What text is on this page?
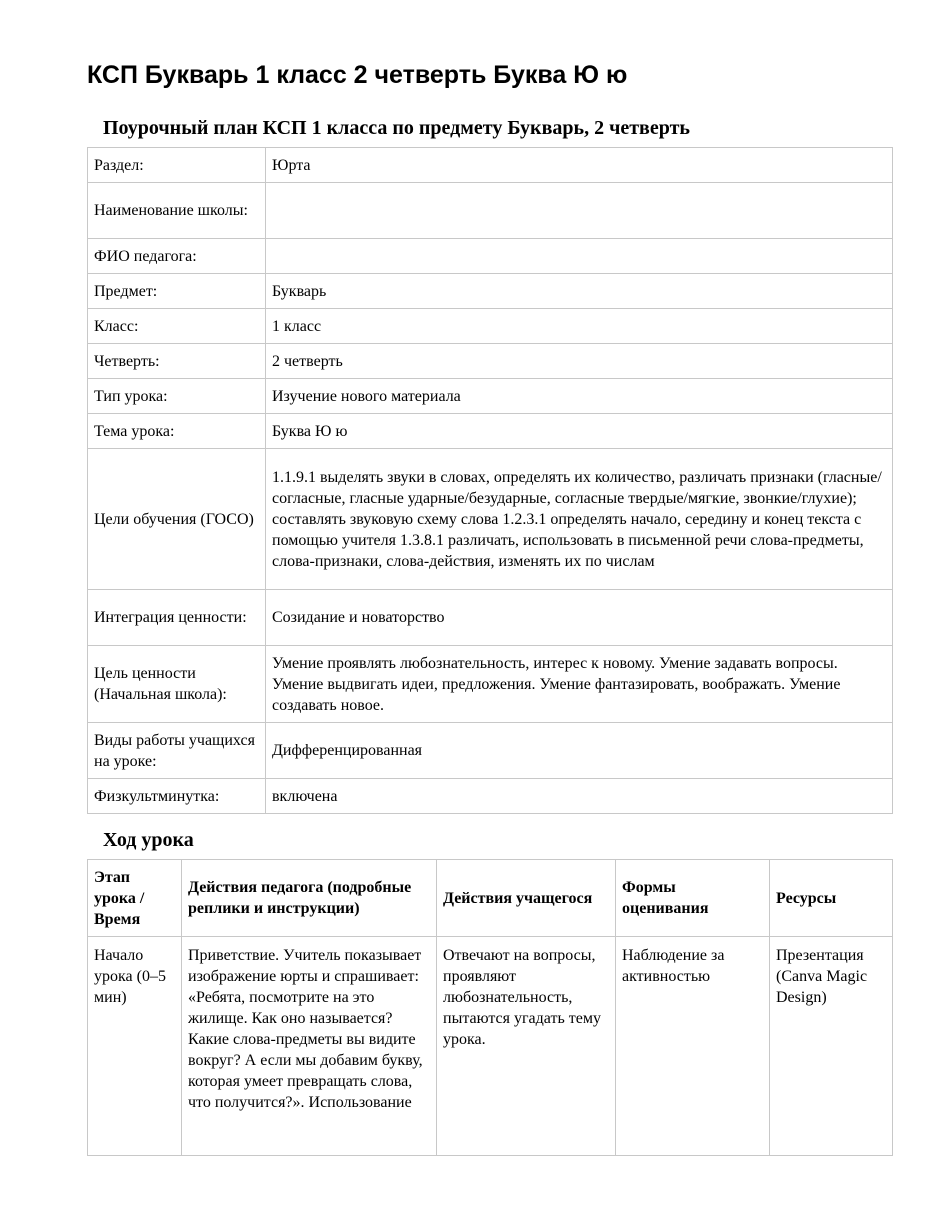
КСП Букварь 1 класс 2 четверть Буква Ю ю
Поурочный план КСП 1 класса по предмету Букварь, 2 четверть
Раздел:	Юрта
Наименование школы:	
ФИО педагога:	
Предмет:	Букварь
Класс:	1 класс
Четверть:	2 четверть
Тип урока:	Изучение нового материала
Тема урока:	Буква Ю ю
Цели обучения (ГОСО)	1.1.9.1 выделять звуки в словах, определять их количество, различать признаки (гласные/ согласные, гласные ударные/безударные, согласные твердые/мягкие, звонкие/глухие); составлять звуковую схему слова 1.2.3.1 определять начало, середину и конец текста с помощью учителя 1.3.8.1 различать, использовать в письменной речи слова-предметы, слова-признаки, слова-действия, изменять их по числам
Интеграция ценности:	Созидание и новаторство
Цель ценности (Начальная школа):	Умение проявлять любознательность, интерес к новому. Умение задавать вопросы. Умение выдвигать идеи, предложения. Умение фантазировать, воображать. Умение создавать новое.
Виды работы учащихся на уроке:	Дифференцированная
Физкультминутка:	включена
Ход урока
Этап урока / Время	Действия педагога (подробные реплики и инструкции)	Действия учащегося	Формы оценивания	Ресурсы

Начало урока (0–5 мин)	Приветствие. Учитель показывает изображение юрты и спрашивает: «Ребята, посмотрите на это жилище. Как оно называется? Какие слова-предметы вы видите вокруг? А если мы добавим букву, которая умеет превращать слова, что получится?». Использование	Отвечают на вопросы, проявляют любознательность, пытаются угадать тему урока.	Наблюдение за активностью	Презентация (Canva Magic Design)
